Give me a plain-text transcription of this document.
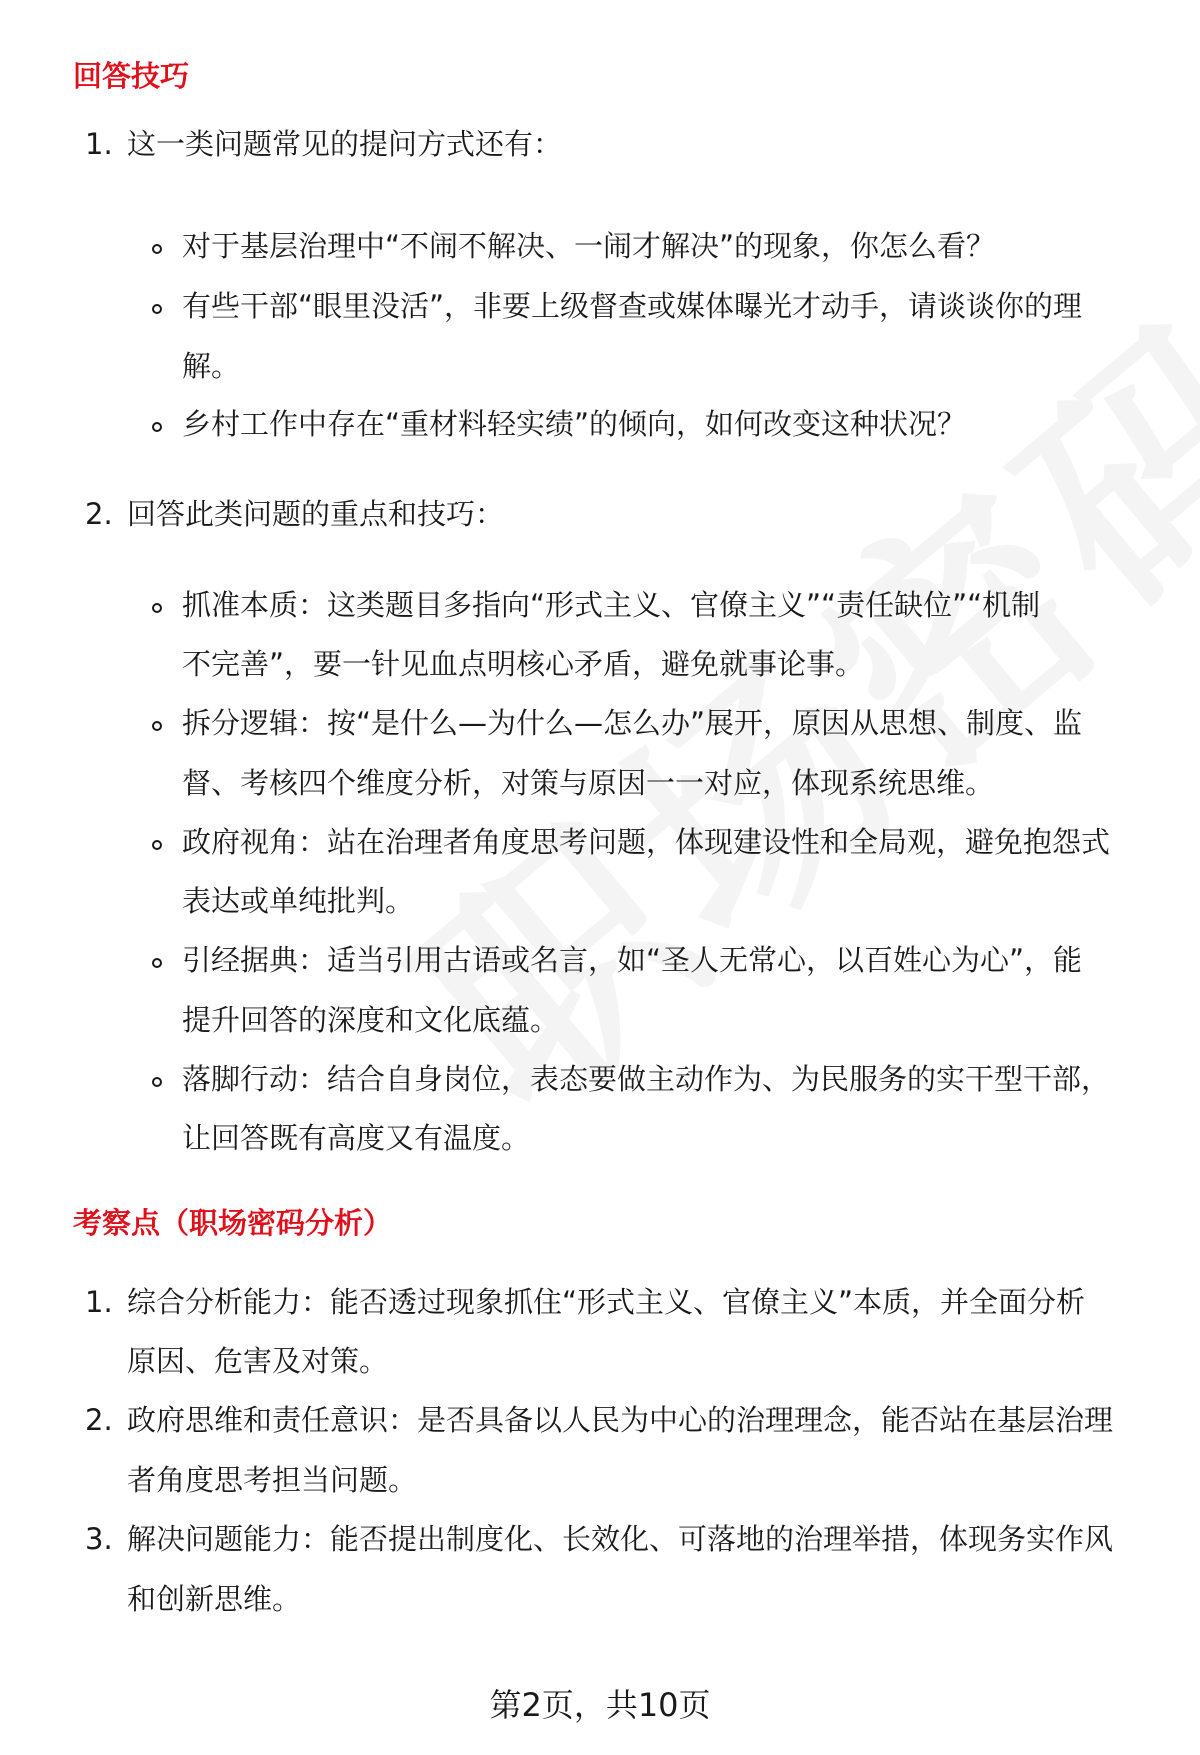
回答技巧
1. 这一类问题常见的提问方式还有：
对于基层治理中“不闹不解决、一闹才解决”的现象，你怎么看？
有些干部“眼里没活”，非要上级督查或媒体曝光才动手，请谈谈你的理
解。
乡村工作中存在“重材料轻实绩”的倾向，如何改变这种状况？
2. 回答此类问题的重点和技巧：
抓准本质：这类题目多指向“形式主义、官僚主义”“责任缺位”“机制
不完善”，要一针见血点明核心矛盾，避免就事论事。
拆分逻辑：按“是什么—为什么—怎么办”展开，原因从思想、制度、监
督、考核四个维度分析，对策与原因一一对应，体现系统思维。
政府视角：站在治理者角度思考问题，体现建设性和全局观，避免抱怨式
表达或单纯批判。
引经据典：适当引用古语或名言，如“圣人无常心，以百姓心为心”，能
提升回答的深度和文化底蕴。
落脚行动：结合自身岗位，表态要做主动作为、为民服务的实干型干部，
让回答既有高度又有温度。
考察点（职场密码分析）
1. 综合分析能力：能否透过现象抓住“形式主义、官僚主义”本质，并全面分析
原因、危害及对策。
2. 政府思维和责任意识：是否具备以人民为中心的治理理念，能否站在基层治理
者角度思考担当问题。
3. 解决问题能力：能否提出制度化、长效化、可落地的治理举措，体现务实作风
和创新思维。
第2页，共10页
